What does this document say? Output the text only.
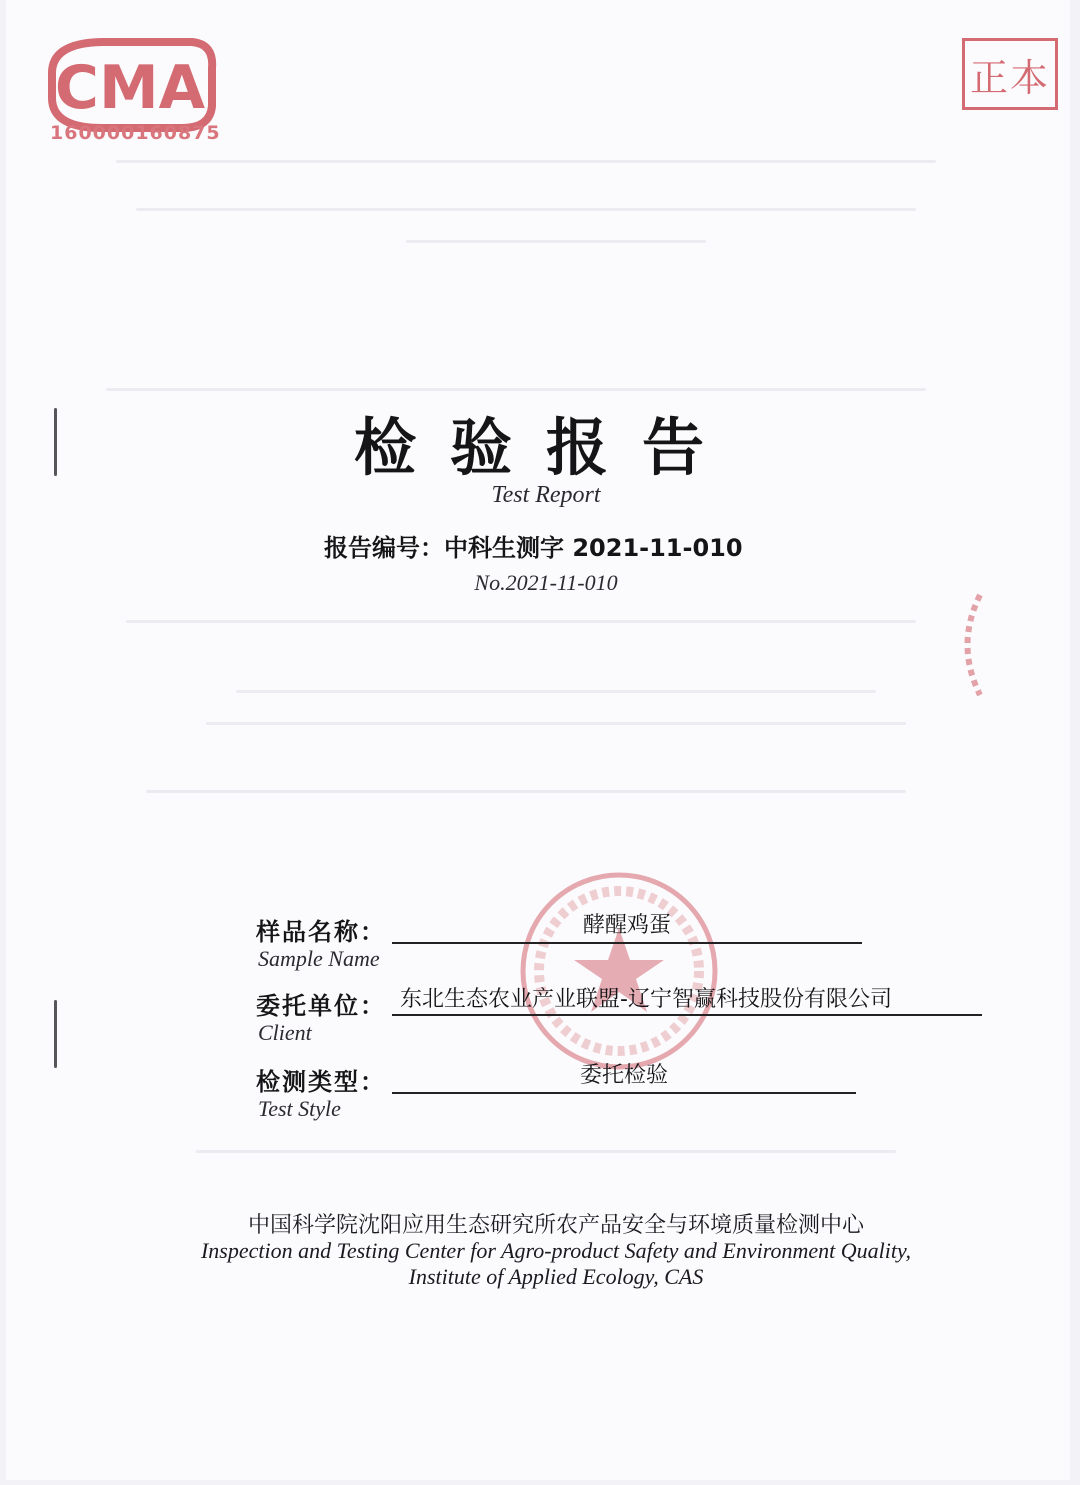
CMA
160000160875
正本
检验报告
Test Report
报告编号：中科生测字 2021-11-010
No.2021-11-010
样品名称：
Sample Name
酵醒鸡蛋
委托单位：
Client
东北生态农业产业联盟-辽宁智赢科技股份有限公司
检测类型：
Test Style
委托检验
中国科学院沈阳应用生态研究所农产品安全与环境质量检测中心
Inspection and Testing Center for Agro-product Safety and Environment Quality,
Institute of Applied Ecology, CAS
